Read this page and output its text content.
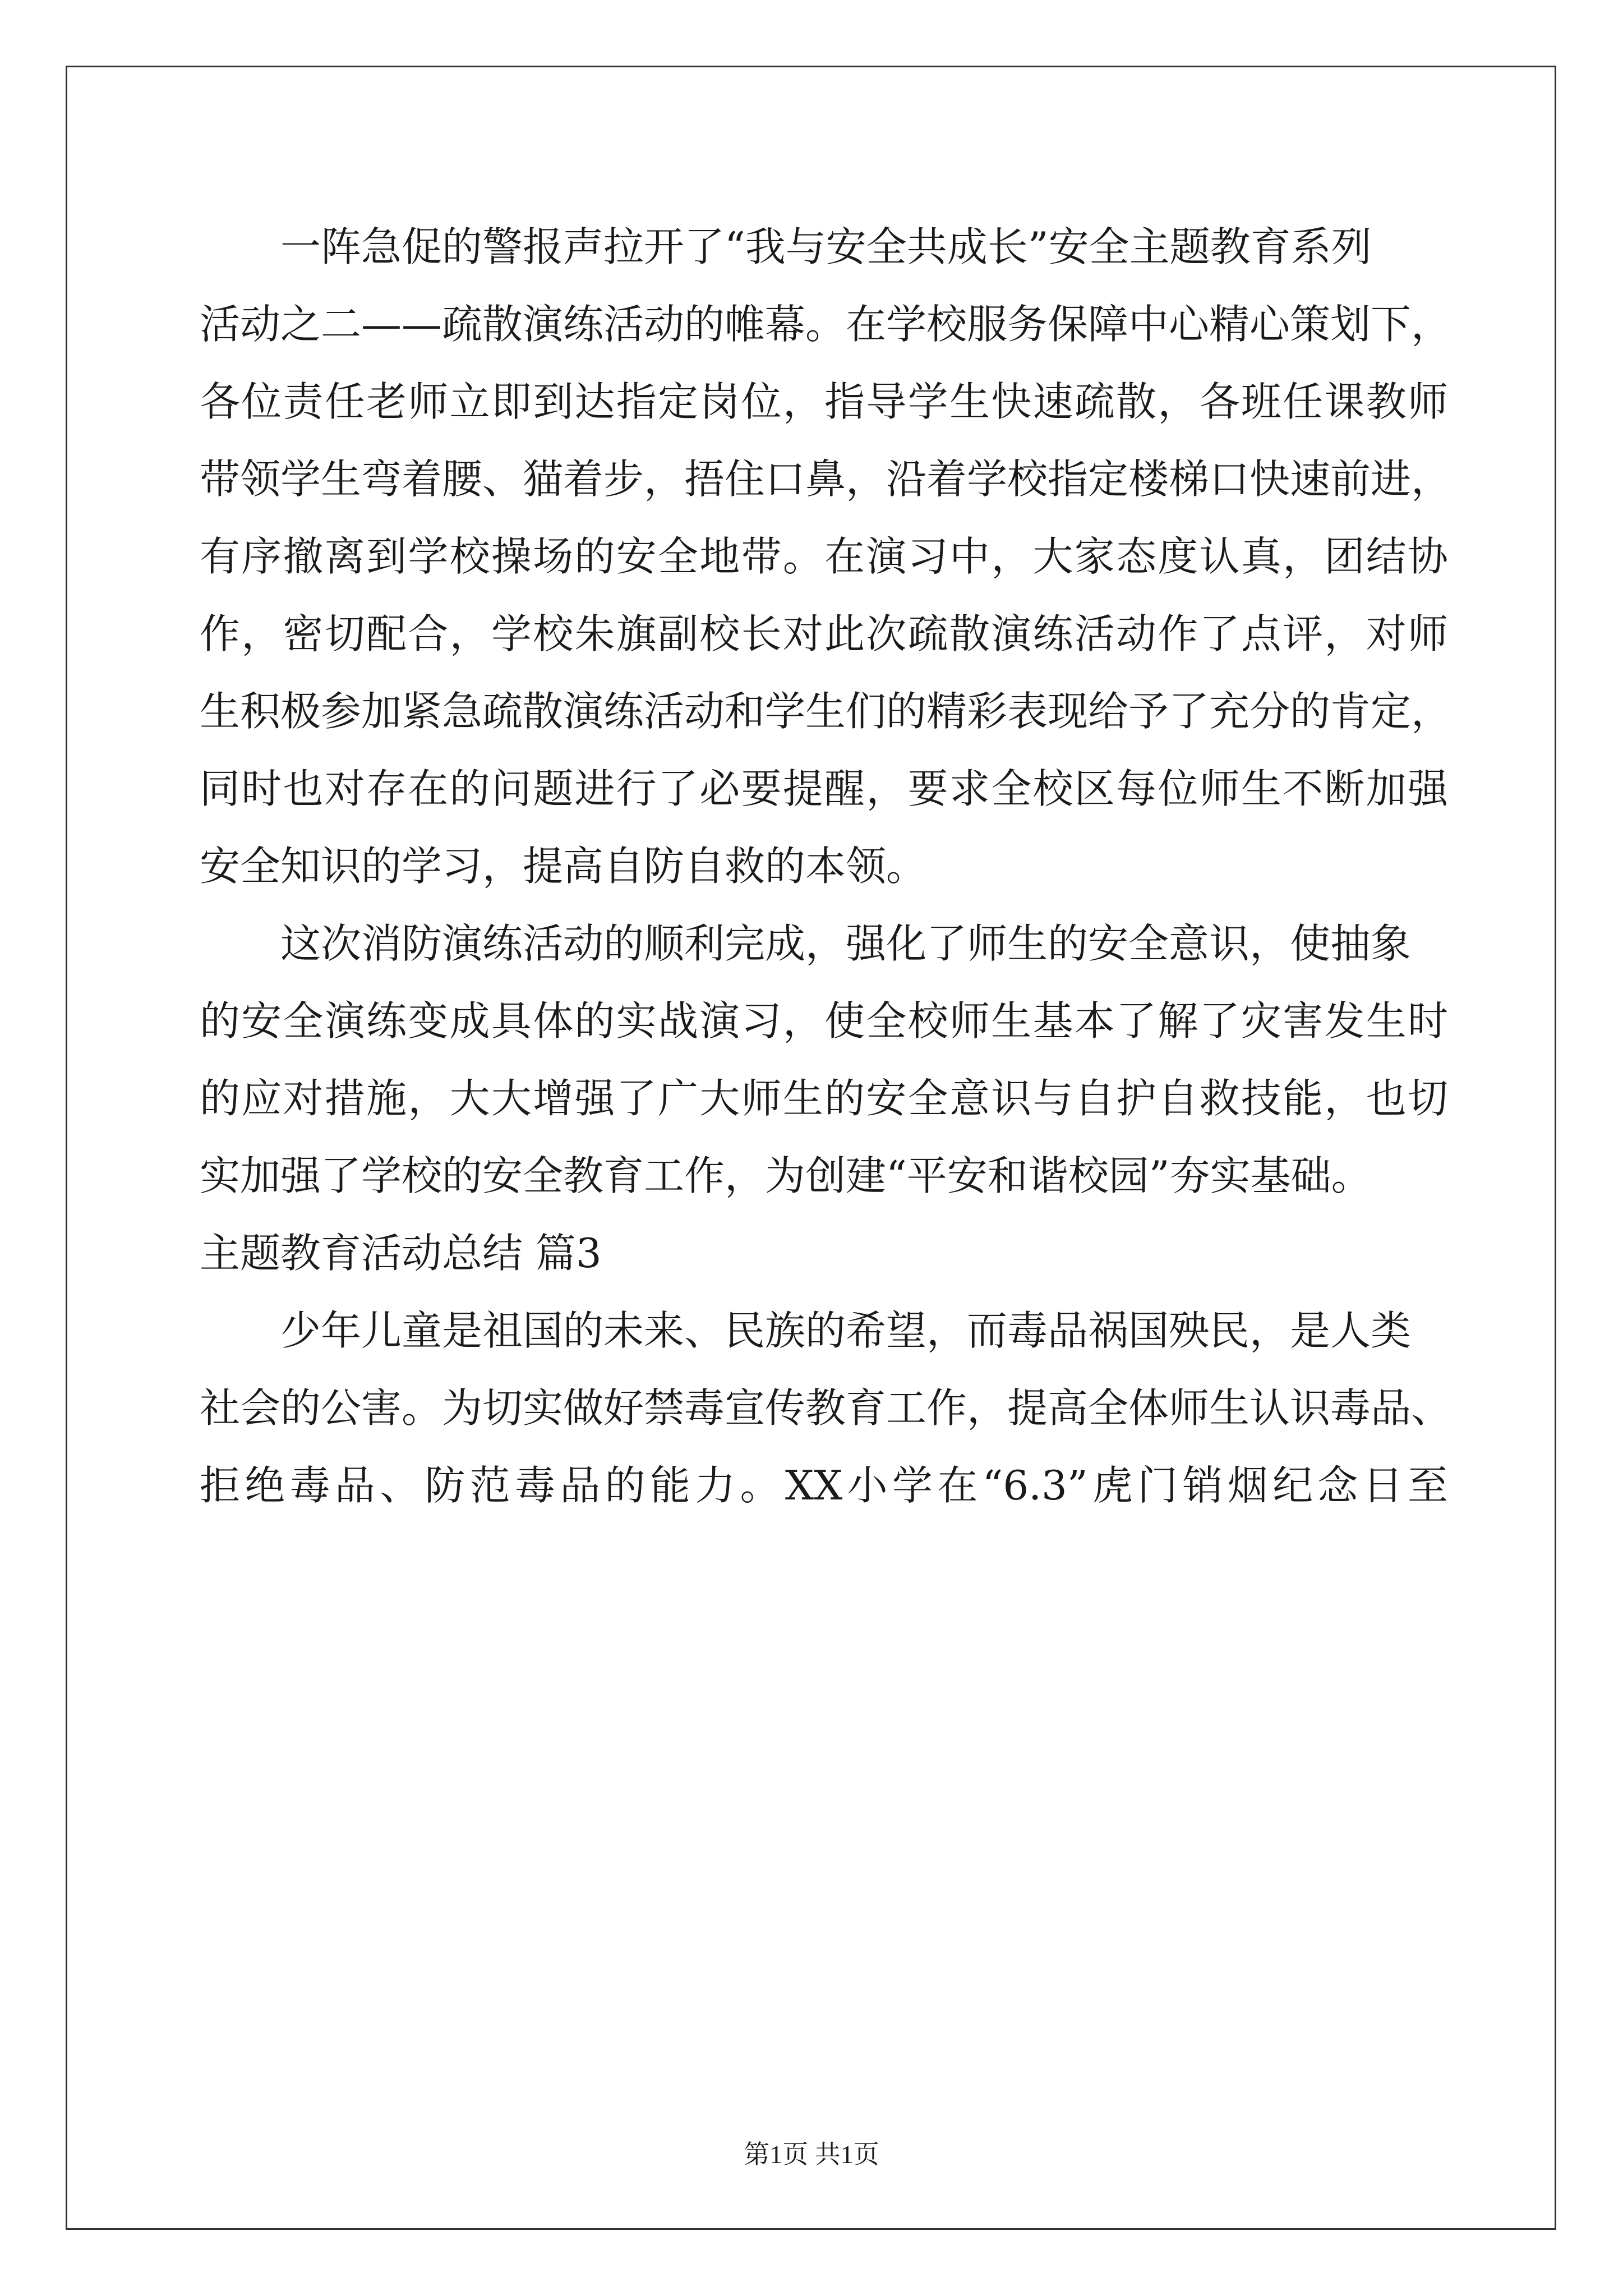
一阵急促的警报声拉开了“我与安全共成长”安全主题教育系列
活动之二——疏散演练活动的帷幕。在学校服务保障中心精心策划下，
各位责任老师立即到达指定岗位，指导学生快速疏散，各班任课教师
带领学生弯着腰、猫着步，捂住口鼻，沿着学校指定楼梯口快速前进，
有序撤离到学校操场的安全地带。在演习中，大家态度认真，团结协
作，密切配合，学校朱旗副校长对此次疏散演练活动作了点评，对师
生积极参加紧急疏散演练活动和学生们的精彩表现给予了充分的肯定，
同时也对存在的问题进行了必要提醒，要求全校区每位师生不断加强
安全知识的学习，提高自防自救的本领。
这次消防演练活动的顺利完成，强化了师生的安全意识，使抽象
的安全演练变成具体的实战演习，使全校师生基本了解了灾害发生时
的应对措施，大大增强了广大师生的安全意识与自护自救技能，也切
实加强了学校的安全教育工作，为创建“平安和谐校园”夯实基础。
主题教育活动总结 篇3
少年儿童是祖国的未来、民族的希望，而毒品祸国殃民，是人类
社会的公害。为切实做好禁毒宣传教育工作，提高全体师生认识毒品、
拒绝毒品、防范毒品的能力。XX小学在“6.3”虎门销烟纪念日至
第1页 共1页
